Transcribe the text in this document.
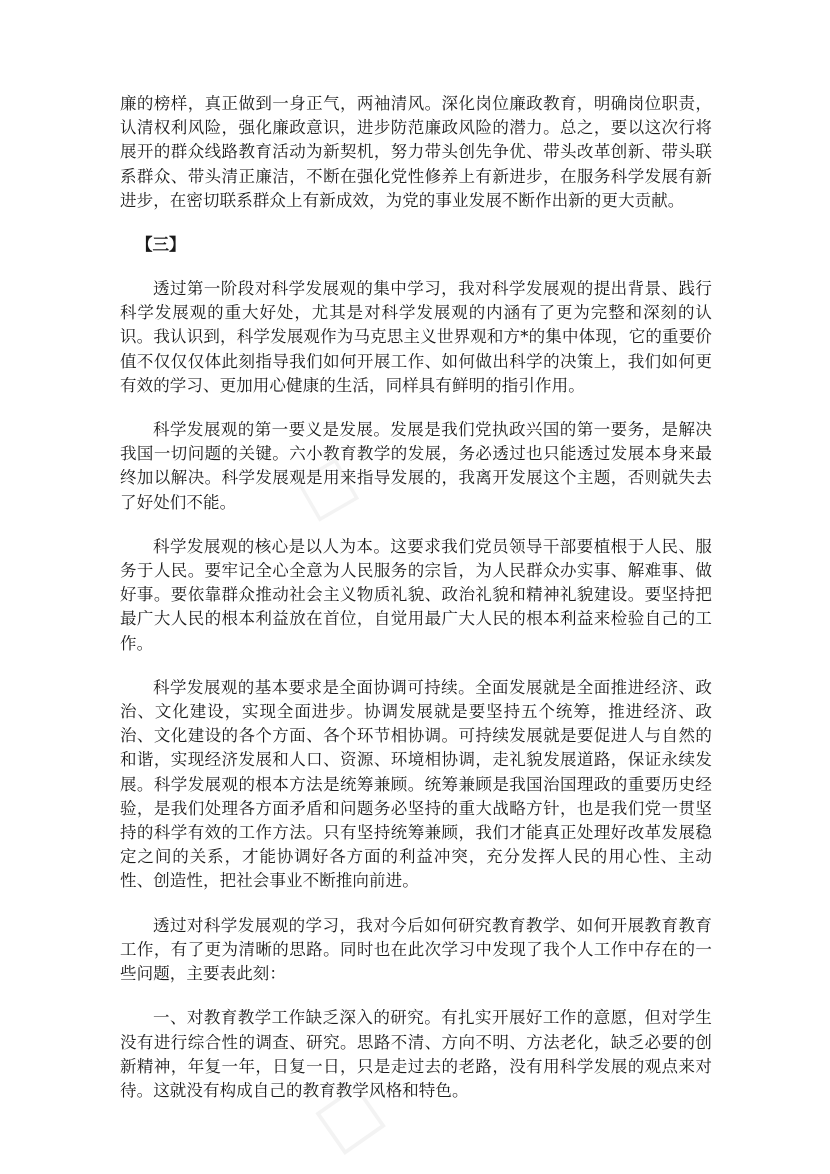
☐
☐

廉的榜样，真正做到一身正气，两袖清风。深化岗位廉政教育，明确岗位职责，认清权利风险，强化廉政意识，进步防范廉政风险的潜力。总之，要以这次行将展开的群众线路教育活动为新契机，努力带头创先争优、带头改革创新、带头联系群众、带头清正廉洁，不断在强化党性修养上有新进步，在服务科学发展有新进步，在密切联系群众上有新成效，为党的事业发展不断作出新的更大贡献。

【三】

透过第一阶段对科学发展观的集中学习，我对科学发展观的提出背景、践行科学发展观的重大好处，尤其是对科学发展观的内涵有了更为完整和深刻的认识。我认识到，科学发展观作为马克思主义世界观和方*的集中体现，它的重要价值不仅仅仅体此刻指导我们如何开展工作、如何做出科学的决策上，我们如何更有效的学习、更加用心健康的生活，同样具有鲜明的指引作用。

科学发展观的第一要义是发展。发展是我们党执政兴国的第一要务，是解决我国一切问题的关键。六小教育教学的发展，务必透过也只能透过发展本身来最终加以解决。科学发展观是用来指导发展的，我离开发展这个主题，否则就失去了好处们不能。

科学发展观的核心是以人为本。这要求我们党员领导干部要植根于人民、服务于人民。要牢记全心全意为人民服务的宗旨，为人民群众办实事、解难事、做好事。要依靠群众推动社会主义物质礼貌、政治礼貌和精神礼貌建设。要坚持把最广大人民的根本利益放在首位，自觉用最广大人民的根本利益来检验自己的工作。

科学发展观的基本要求是全面协调可持续。全面发展就是全面推进经济、政治、文化建设，实现全面进步。协调发展就是要坚持五个统筹，推进经济、政治、文化建设的各个方面、各个环节相协调。可持续发展就是要促进人与自然的和谐，实现经济发展和人口、资源、环境相协调，走礼貌发展道路，保证永续发展。科学发展观的根本方法是统筹兼顾。统筹兼顾是我国治国理政的重要历史经验，是我们处理各方面矛盾和问题务必坚持的重大战略方针，也是我们党一贯坚持的科学有效的工作方法。只有坚持统筹兼顾，我们才能真正处理好改革发展稳定之间的关系，才能协调好各方面的利益冲突，充分发挥人民的用心性、主动性、创造性，把社会事业不断推向前进。

透过对科学发展观的学习，我对今后如何研究教育教学、如何开展教育教育工作，有了更为清晰的思路。同时也在此次学习中发现了我个人工作中存在的一些问题，主要表此刻：

一、对教育教学工作缺乏深入的研究。有扎实开展好工作的意愿，但对学生没有进行综合性的调查、研究。思路不清、方向不明、方法老化，缺乏必要的创新精神，年复一年，日复一日，只是走过去的老路，没有用科学发展的观点来对待。这就没有构成自己的教育教学风格和特色。
